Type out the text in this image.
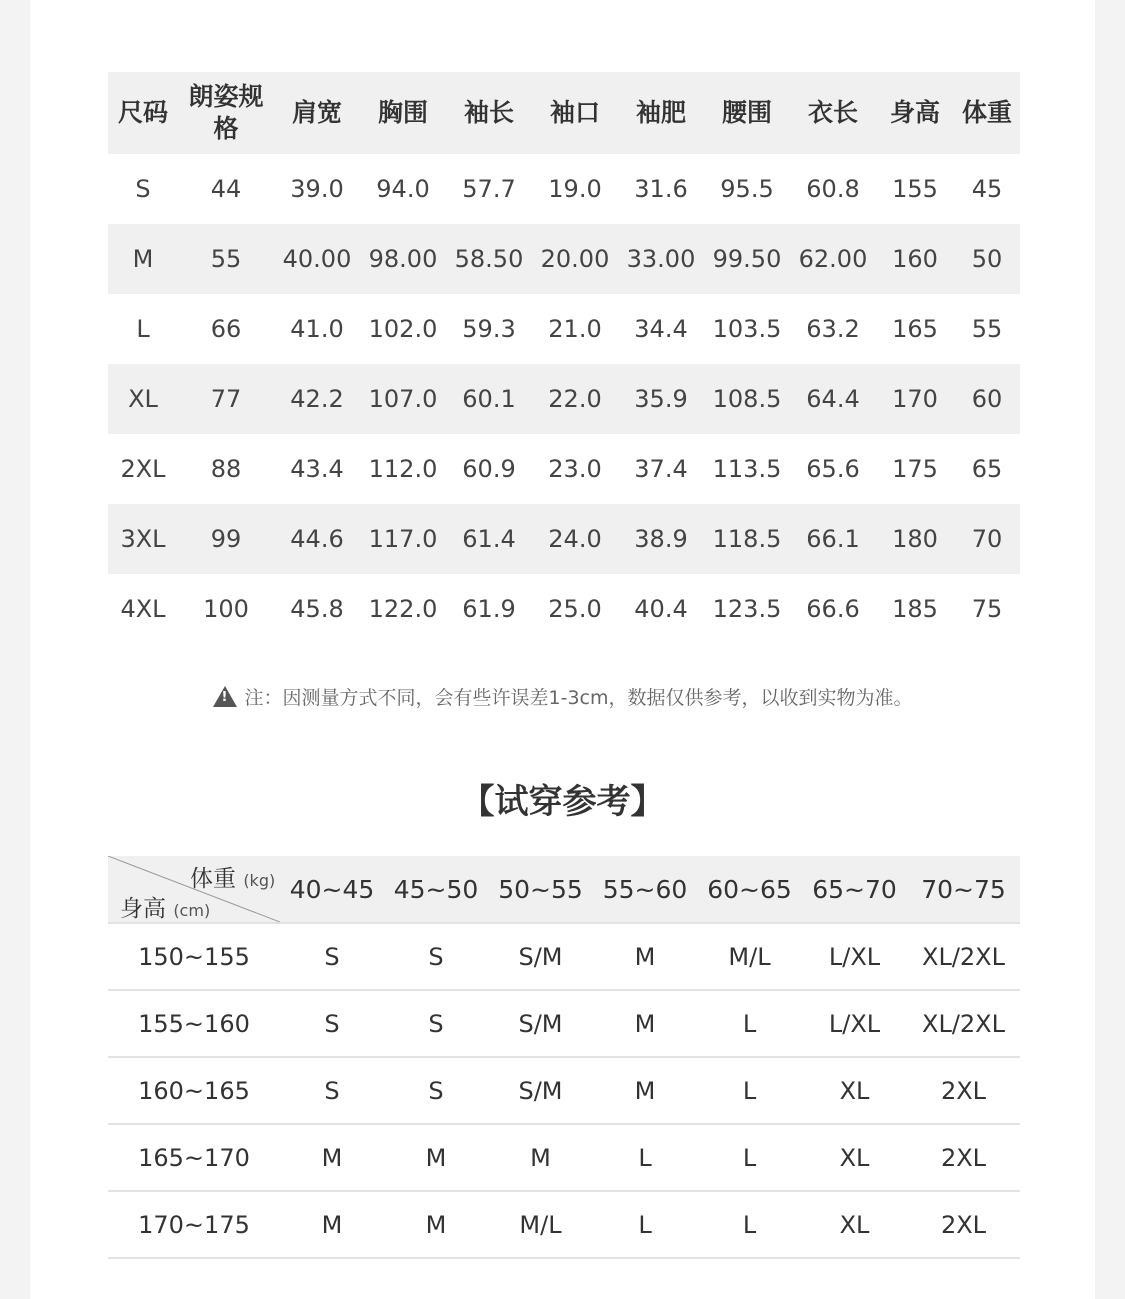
尺码	朗姿规格	肩宽	胸围	袖长	袖口	袖肥	腰围	衣长	身高	体重
S	44	39.0	94.0	57.7	19.0	31.6	95.5	60.8	155	45
M	55	40.00	98.00	58.50	20.00	33.00	99.50	62.00	160	50
L	66	41.0	102.0	59.3	21.0	34.4	103.5	63.2	165	55
XL	77	42.2	107.0	60.1	22.0	35.9	108.5	64.4	170	60
2XL	88	43.4	112.0	60.9	23.0	37.4	113.5	65.6	175	65
3XL	99	44.6	117.0	61.4	24.0	38.9	118.5	66.1	180	70
4XL	100	45.8	122.0	61.9	25.0	40.4	123.5	66.6	185	75
!注：因测量方式不同，会有些许误差1-3cm，数据仅供参考，以收到实物为准。
【试穿参考】
体重 (kg)
身高 (cm)	40~45	45~50	50~55	55~60	60~65	65~70	70~75
150~155	S	S	S/M	M	M/L	L/XL	XL/2XL
155~160	S	S	S/M	M	L	L/XL	XL/2XL
160~165	S	S	S/M	M	L	XL	2XL
165~170	M	M	M	L	L	XL	2XL
170~175	M	M	M/L	L	L	XL	2XL
